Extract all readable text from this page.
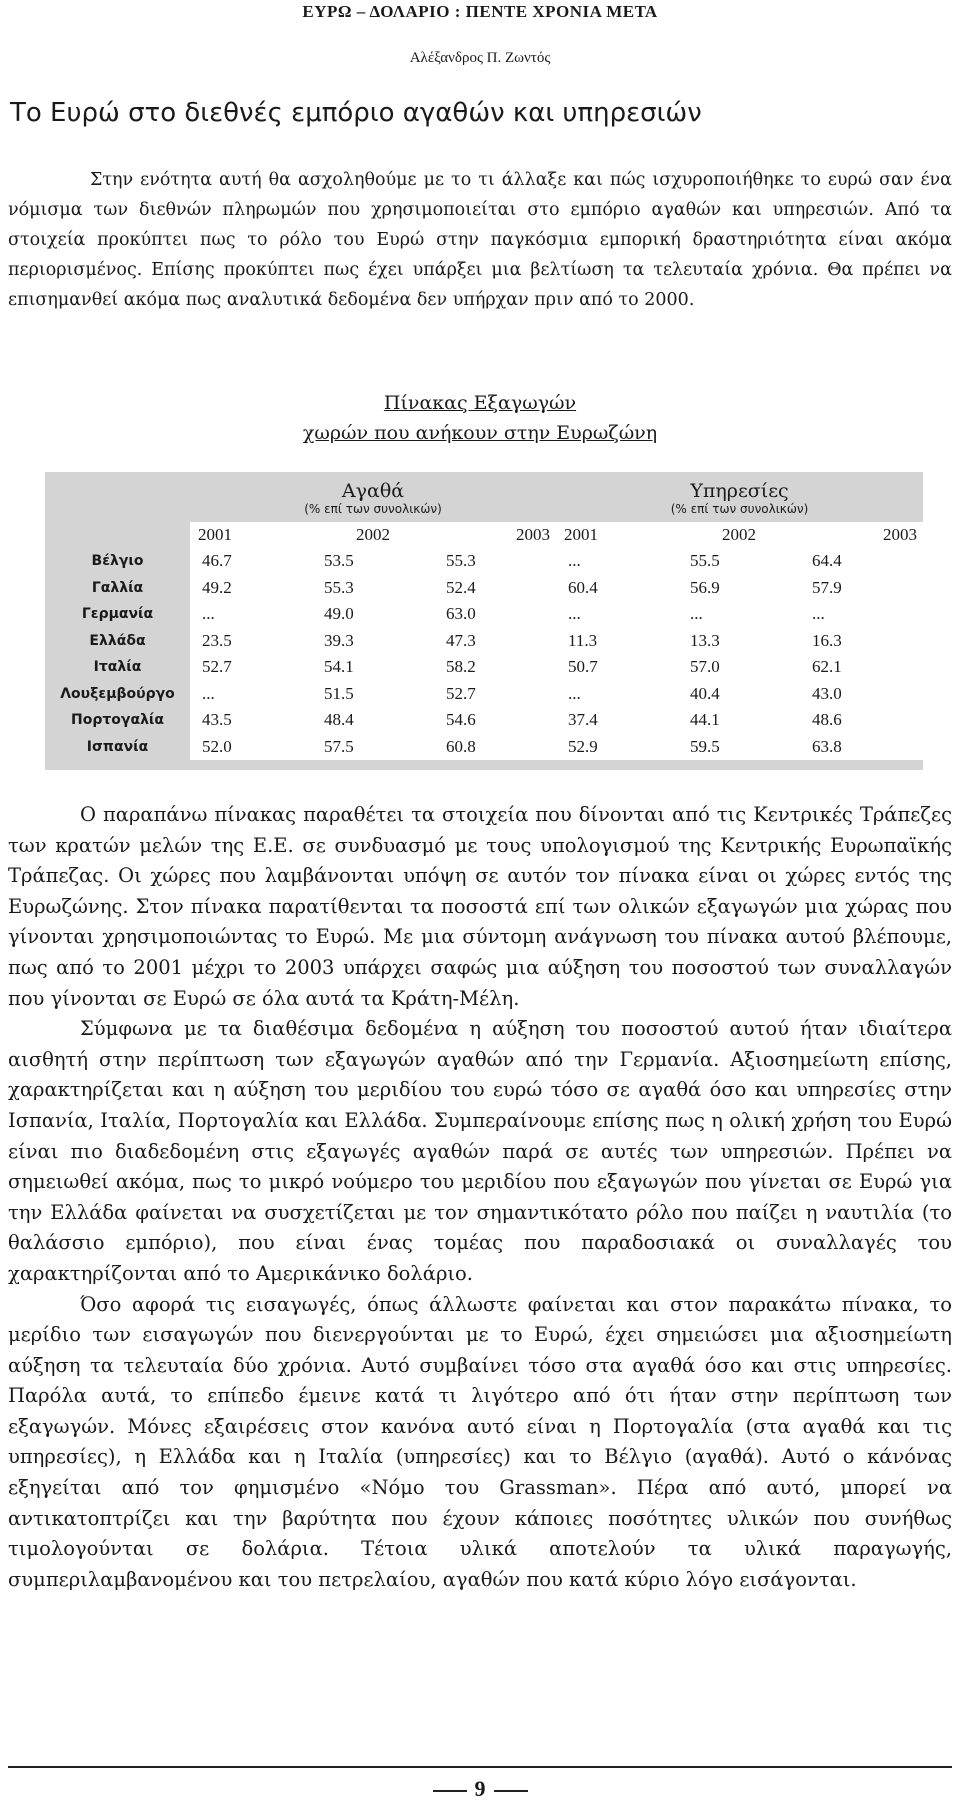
ΕΥΡΩ – ΔΟΛΑΡΙΟ : ΠΕΝΤΕ ΧΡΟΝΙΑ ΜΕΤΑ
Αλέξανδρος Π. Ζωντός
Το Ευρώ στο διεθνές εμπόριο αγαθών και υπηρεσιών

Στην ενότητα αυτή θα ασχοληθούμε με το τι άλλαξε και πώς ισχυροποιήθηκε το ευρώ σαν ένα νόμισμα των διεθνών πληρωμών που χρησιμοποιείται στο εμπόριο αγαθών και υπηρεσιών. Από τα στοιχεία προκύπτει πως το ρόλο του Ευρώ στην παγκόσμια εμπορική δραστηριότητα είναι ακόμα περιορισμένος. Επίσης προκύπτει πως έχει υπάρξει μια βελτίωση τα τελευταία χρόνια. Θα πρέπει να επισημανθεί ακόμα πως αναλυτικά δεδομένα δεν υπήρχαν πριν από το 2000.

Πίνακας Εξαγωγών
χωρών που ανήκουν στην Ευρωζώνη
	Αγαθά			Υπηρεσίες		
	(% επί των συνολικών)			(% επί των συνολικών)		
	2001	2002	2003	2001	2002	2003
Βέλγιο	46.7	53.5	55.3	...	55.5	64.4
Γαλλία	49.2	55.3	52.4	60.4	56.9	57.9
Γερμανία	...	49.0	63.0	...	...	...
Ελλάδα	23.5	39.3	47.3	11.3	13.3	16.3
Ιταλία	52.7	54.1	58.2	50.7	57.0	62.1
Λουξεμβούργο	...	51.5	52.7	...	40.4	43.0
Πορτογαλία	43.5	48.4	54.6	37.4	44.1	48.6
Ισπανία	52.0	57.5	60.8	52.9	59.5	63.8

Ο παραπάνω πίνακας παραθέτει τα στοιχεία που δίνονται από τις Κεντρικές Τράπεζες των κρατών μελών της Ε.Ε. σε συνδυασμό με τους υπολογισμού της Κεντρικής Ευρωπαϊκής Τράπεζας. Οι χώρες που λαμβάνονται υπόψη σε αυτόν τον πίνακα είναι οι χώρες εντός της Ευρωζώνης. Στον πίνακα παρατίθενται τα ποσοστά επί των ολικών εξαγωγών μια χώρας που γίνονται χρησιμοποιώντας το Ευρώ. Με μια σύντομη ανάγνωση του πίνακα αυτού βλέπουμε, πως από το 2001 μέχρι το 2003 υπάρχει σαφώς μια αύξηση του ποσοστού των συναλλαγών που γίνονται σε Ευρώ σε όλα αυτά τα Κράτη-Μέλη.

Σύμφωνα με τα διαθέσιμα δεδομένα η αύξηση του ποσοστού αυτού ήταν ιδιαίτερα αισθητή στην περίπτωση των εξαγωγών αγαθών από την Γερμανία. Αξιοσημείωτη επίσης, χαρακτηρίζεται και η αύξηση του μεριδίου του ευρώ τόσο σε αγαθά όσο και υπηρεσίες στην Ισπανία, Ιταλία, Πορτογαλία και Ελλάδα. Συμπεραίνουμε επίσης πως η ολική χρήση του Ευρώ είναι πιο διαδεδομένη στις εξαγωγές αγαθών παρά σε αυτές των υπηρεσιών. Πρέπει να σημειωθεί ακόμα, πως το μικρό νούμερο του μεριδίου που εξαγωγών που γίνεται σε Ευρώ για την Ελλάδα φαίνεται να συσχετίζεται με τον σημαντικότατο ρόλο που παίζει η ναυτιλία (το θαλάσσιο εμπόριο), που είναι ένας τομέας που παραδοσιακά οι συναλλαγές του χαρακτηρίζονται από το Αμερικάνικο δολάριο.

Όσο αφορά τις εισαγωγές, όπως άλλωστε φαίνεται και στον παρακάτω πίνακα, το μερίδιο των εισαγωγών που διενεργούνται με το Ευρώ, έχει σημειώσει μια αξιοσημείωτη αύξηση τα τελευταία δύο χρόνια. Αυτό συμβαίνει τόσο στα αγαθά όσο και στις υπηρεσίες. Παρόλα αυτά, το επίπεδο έμεινε κατά τι λιγότερο από ότι ήταν στην περίπτωση των εξαγωγών. Μόνες εξαιρέσεις στον κανόνα αυτό είναι η Πορτογαλία (στα αγαθά και τις υπηρεσίες), η Ελλάδα και η Ιταλία (υπηρεσίες) και το Βέλγιο (αγαθά). Αυτό ο κάνόνας εξηγείται από τον φημισμένο «Νόμο του Grassman». Πέρα από αυτό, μπορεί να αντικατοπτρίζει και την βαρύτητα που έχουν κάποιες ποσότητες υλικών που συνήθως τιμολογούνται σε δολάρια. Τέτοια υλικά αποτελούν τα υλικά παραγωγής, συμπεριλαμβανομένου και του πετρελαίου, αγαθών που κατά κύριο λόγο εισάγονται.

9
